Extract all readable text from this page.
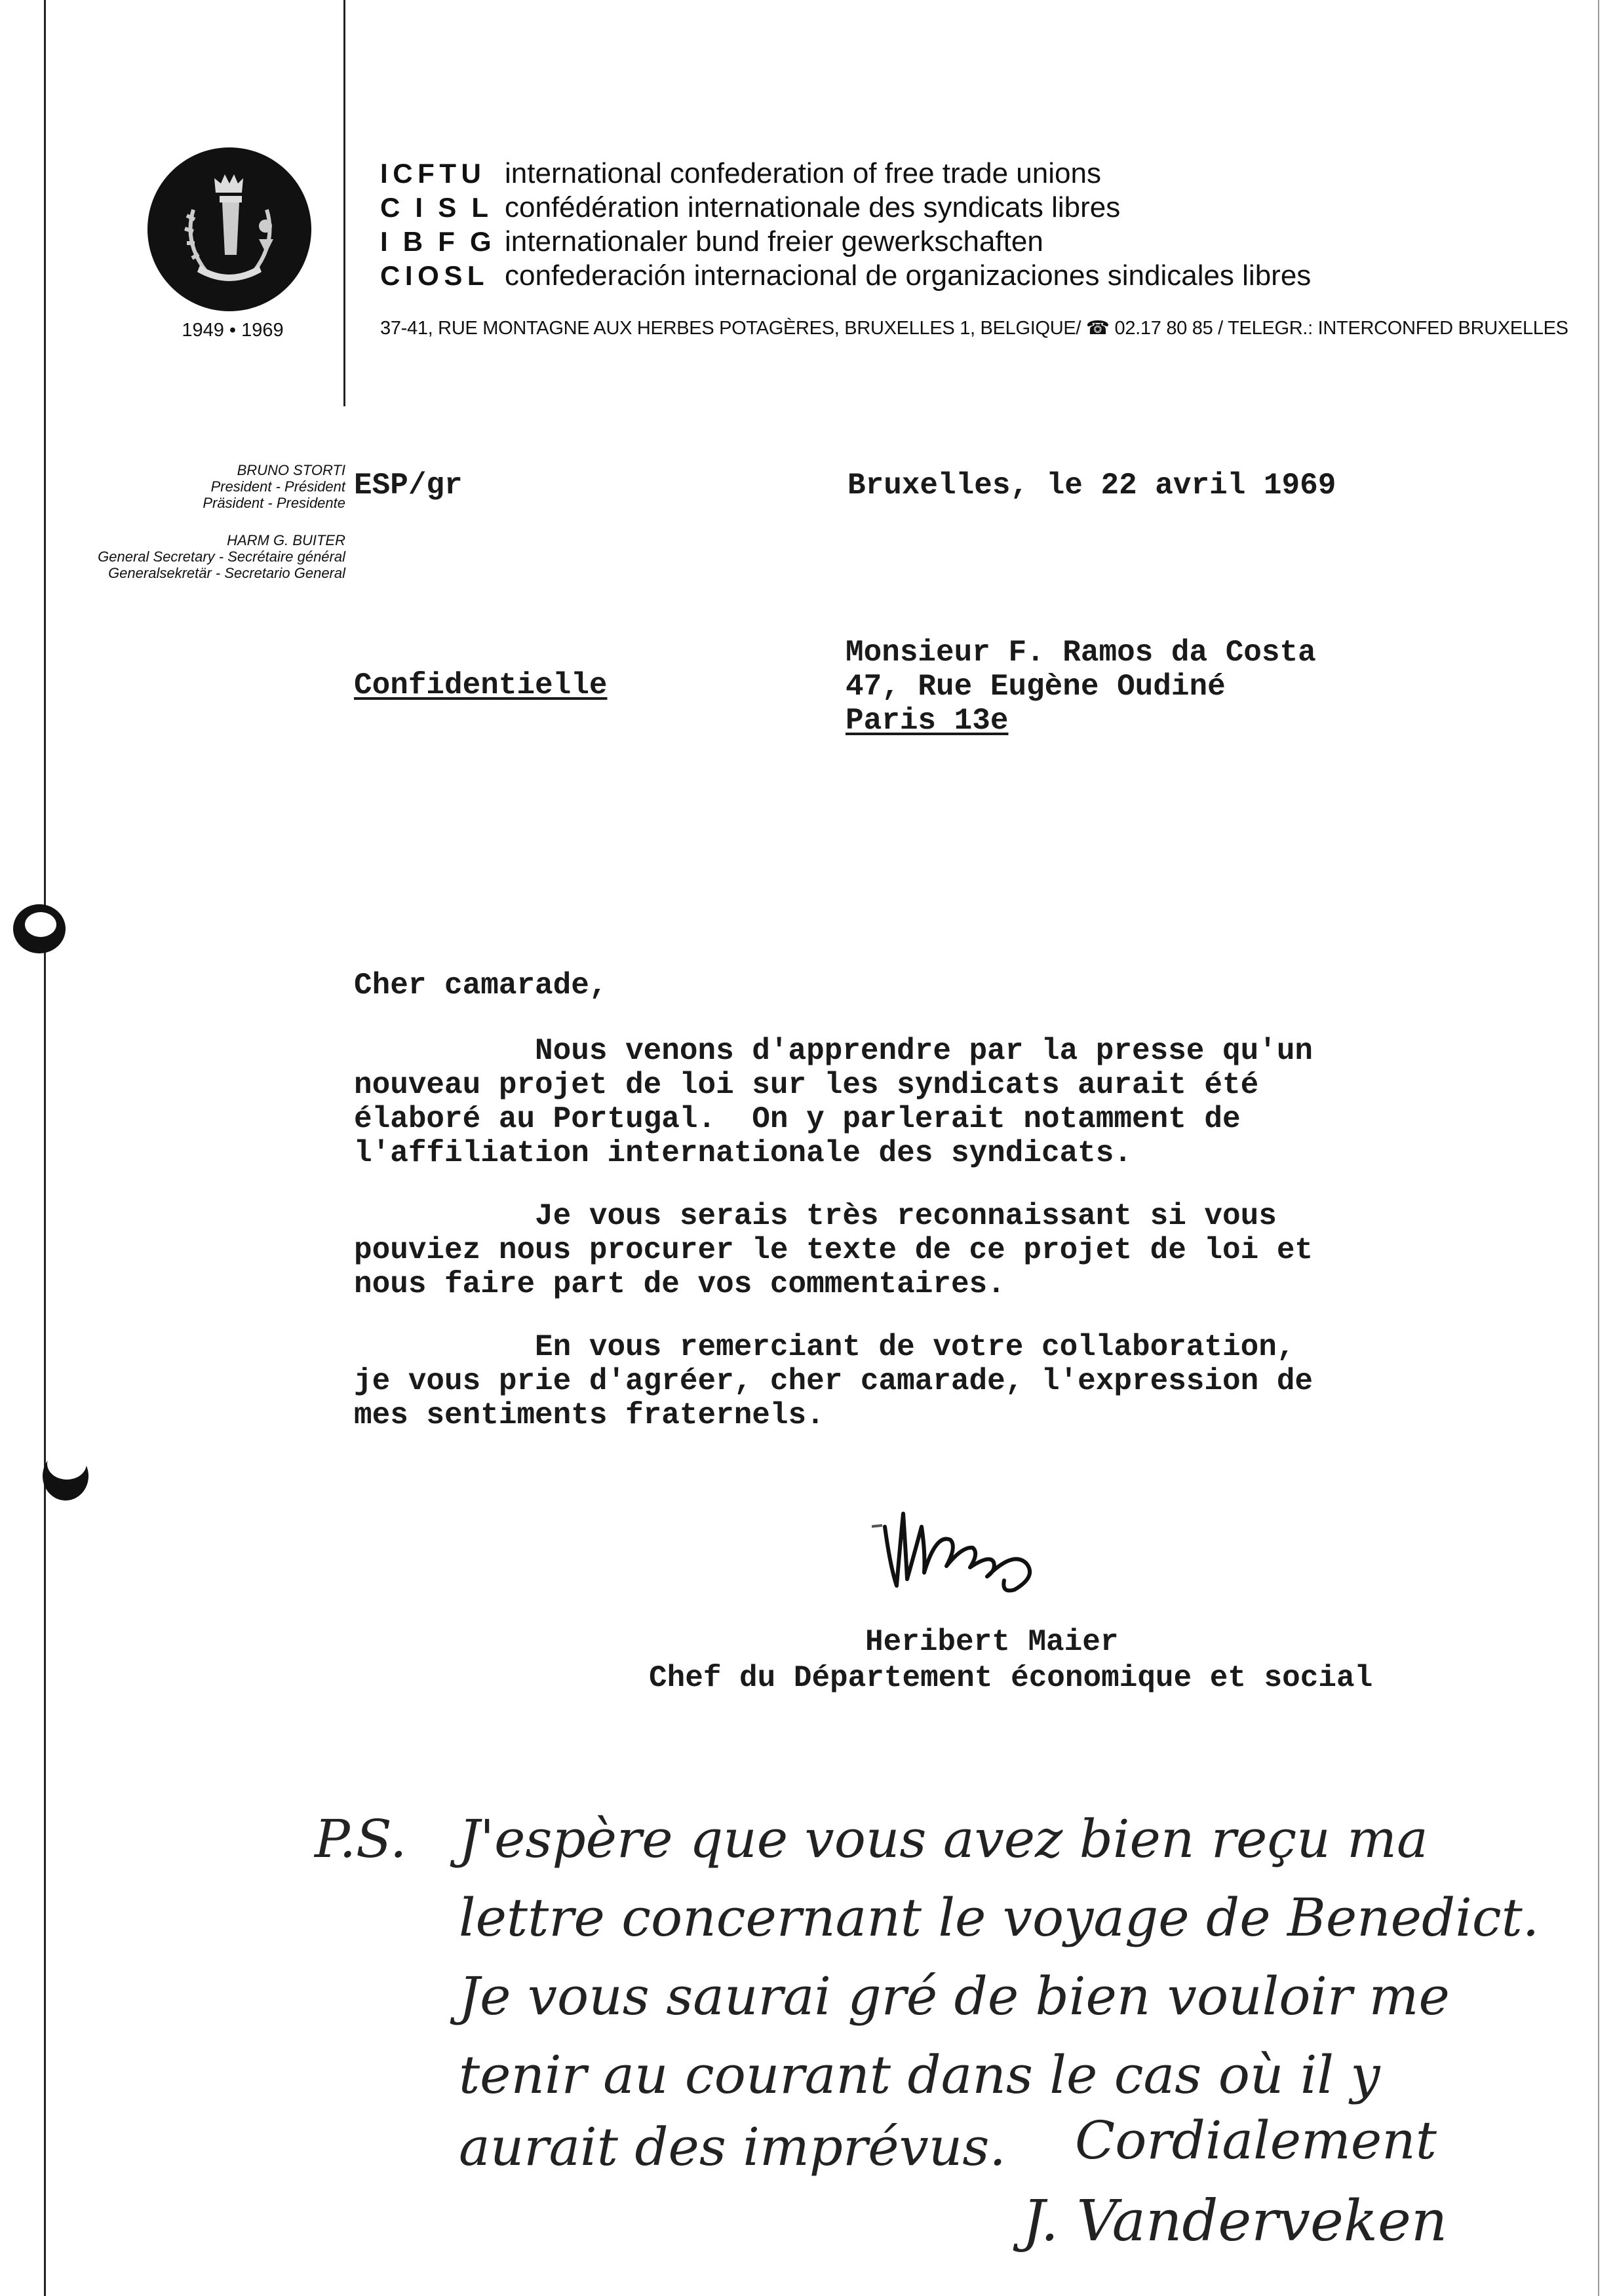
1949 • 1969
ICFTU international confederation of free trade unions
CISLconfédération internationale des syndicats libres
IBFGinternationaler bund freier gewerkschaften
CIOSL confederación internacional de organizaciones sindicales libres
37-41, RUE MONTAGNE AUX HERBES POTAGÈRES, BRUXELLES 1, BELGIQUE/ ☎ 02.17 80 85 / TELEGR.: INTERCONFED BRUXELLES
BRUNO STORTI
President - Président
Präsident - Presidente
HARM G. BUITER
General Secretary - Secrétaire général
Generalsekretär - Secretario General
ESP/gr	Bruxelles, le 22 avril 1969
Confidentielle
Monsieur F. Ramos da Costa
47, Rue Eugène Oudiné
Paris 13e
Cher camarade,
Nous venons d'apprendre par la presse qu'un
nouveau projet de loi sur les syndicats aurait été
élaboré au Portugal.  On y parlerait notamment de
l'affiliation internationale des syndicats.
Je vous serais très reconnaissant si vous
pouviez nous procurer le texte de ce projet de loi et
nous faire part de vos commentaires.
En vous remerciant de votre collaboration,
je vous prie d'agréer, cher camarade, l'expression de
mes sentiments fraternels.
Heribert Maier
Chef du Département économique et social
P.S. J'espère que vous avez bien reçu ma
lettre concernant le voyage de Benedict.
Je vous saurai gré de bien vouloir me
tenir au courant dans le cas où il y
aurait des imprévus. Cordialement
J. Vanderveken
